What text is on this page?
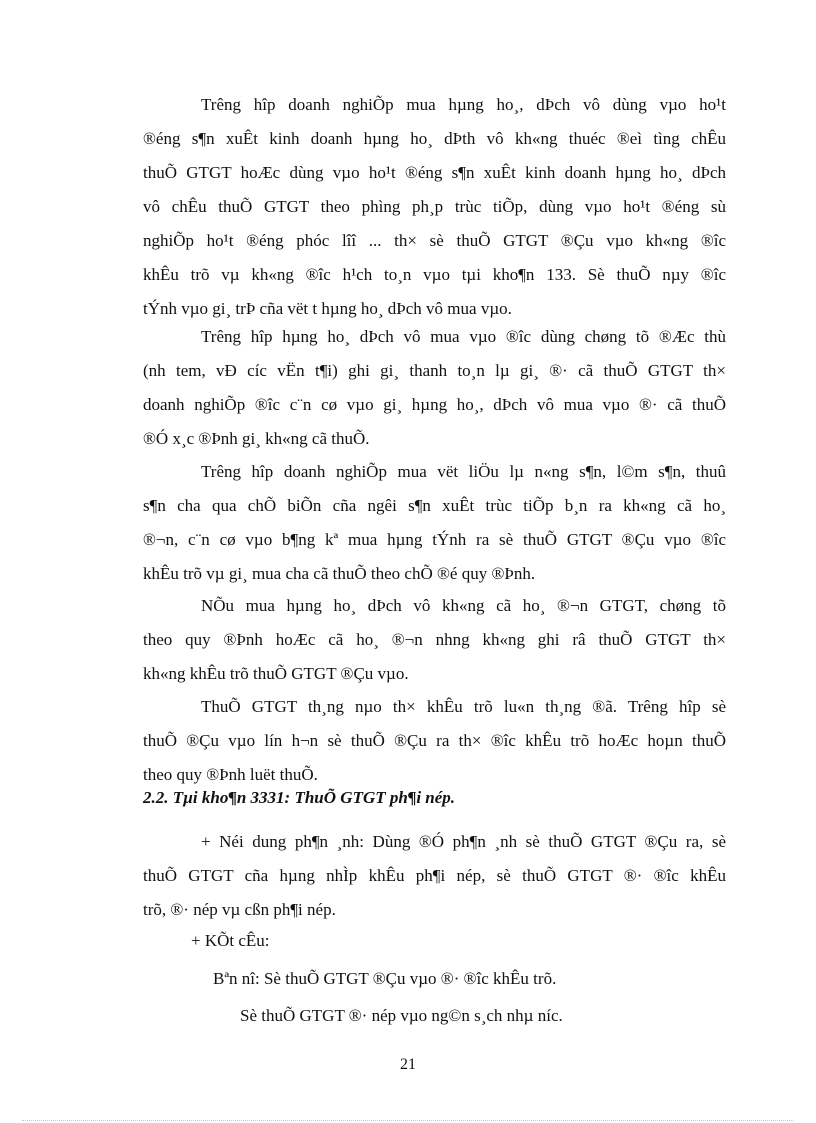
Trêng hîp doanh nghiÕp mua hµng ho¸, dÞch vô dùng vµo ho¹t
®éng s¶n xuÊt kinh doanh hµng ho¸ dÞth vô kh«ng thuéc ®eì tìng chÊu
thuÕ GTGT hoÆc dùng vµo ho¹t ®éng s¶n xuÊt kinh doanh hµng ho¸ dÞch
vô chÊu thuÕ GTGT theo phìng ph¸p trùc tiÕp, dùng vµo ho¹t ®éng sù
nghiÕp ho¹t ®éng phóc lîî ... th× sè thuÕ GTGT ®Çu vµo kh«ng ®îc
khÊu trõ vµ kh«ng ®îc h¹ch to¸n vµo tµi kho¶n 133. Sè thuÕ nµy ®îc
tÝnh vµo gi¸ trÞ cña vët t hµng ho¸ dÞch vô mua vµo.
Trêng hîp hµng ho¸ dÞch vô mua vµo ®îc dùng chøng tõ ®Æc thù
(nh tem, vÐ cíc vËn t¶i) ghi gi¸ thanh to¸n lµ gi¸ ®· cã thuÕ GTGT th×
doanh nghiÕp ®îc c¨n cø vµo gi¸ hµng ho¸, dÞch vô mua vµo ®· cã thuÕ
®Ó x¸c ®Þnh gi¸ kh«ng cã thuÕ.
Trêng hîp doanh nghiÕp mua vët liÖu lµ n«ng s¶n, l©m s¶n, thuû
s¶n cha qua chÕ biÕn cña ngêi s¶n xuÊt trùc tiÕp b¸n ra kh«ng cã ho¸
®¬n, c¨n cø vµo b¶ng kª mua hµng tÝnh ra sè thuÕ GTGT ®Çu vµo ®îc
khÊu trõ vµ gi¸ mua cha cã thuÕ theo chÕ ®é quy ®Þnh.
NÕu mua hµng ho¸ dÞch vô kh«ng cã ho¸ ®¬n GTGT, chøng tõ
theo quy ®Þnh hoÆc cã ho¸ ®¬n nhng kh«ng ghi râ thuÕ GTGT th×
kh«ng khÊu trõ thuÕ GTGT ®Çu vµo.
ThuÕ GTGT th¸ng nµo th× khÊu trõ lu«n th¸ng ®ã. Trêng hîp sè
thuÕ ®Çu vµo lín h¬n sè thuÕ ®Çu ra th× ®îc khÊu trõ hoÆc hoµn thuÕ
theo quy ®Þnh luët thuÕ.
2.2. Tµi kho¶n 3331: ThuÕ GTGT ph¶i nép.
+ Néi dung ph¶n ¸nh: Dùng ®Ó ph¶n ¸nh sè thuÕ GTGT ®Çu ra, sè
thuÕ GTGT cña hµng nhÌp khÊu ph¶i nép, sè thuÕ GTGT ®· ®îc khÊu
trõ, ®· nép vµ cßn ph¶i nép.
+ KÕt cÊu:
Bªn nî: Sè thuÕ GTGT ®Çu vµo ®· ®îc khÊu trõ.
Sè thuÕ GTGT ®· nép vµo ng©n s¸ch nhµ níc.
21
